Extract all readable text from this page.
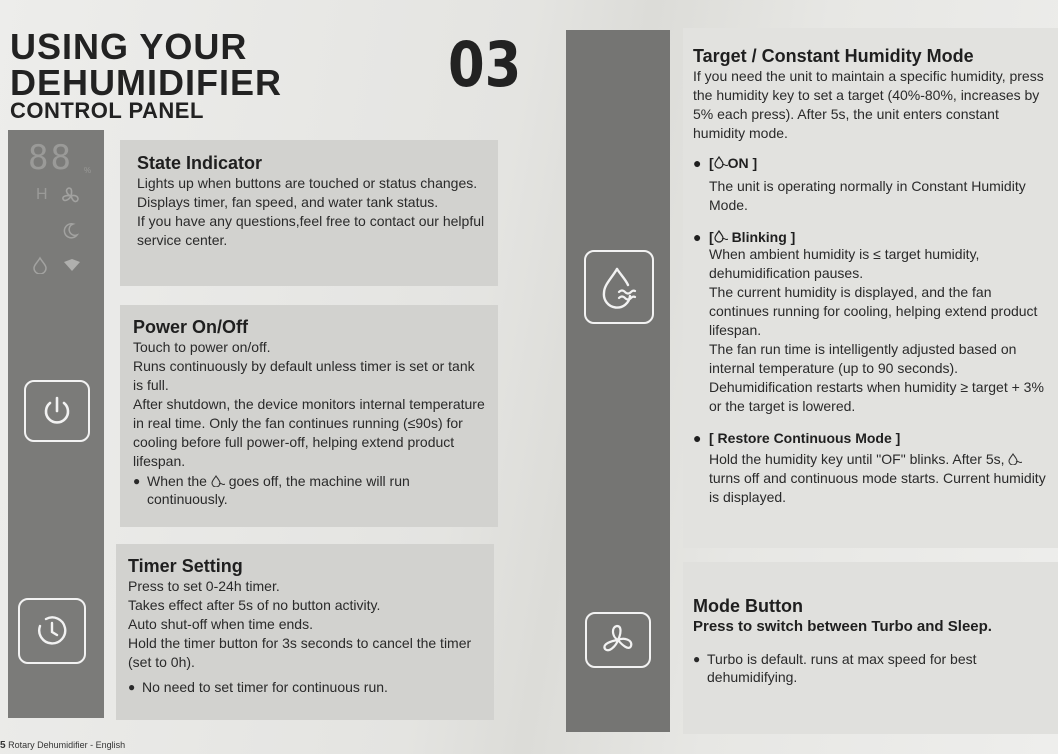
USING YOUR
DEHUMIDIFIER
CONTROL PANEL
03
88 %
H
State Indicator

Lights up when buttons are touched or status changes.

Displays timer, fan speed, and water tank status.

If you have any questions,feel free to contact our helpful service center.

Power On/Off

Touch to power on/off.

Runs continuously by default unless timer is set or tank is full.

After shutdown, the device monitors internal temperature in real time. Only the fan continues running (≤90s) for cooling before full power-off, helping extend product lifespan.

● When the goes off, the machine will run continuously.
Timer Setting

Press to set 0-24h timer.

Takes effect after 5s of no button activity.

Auto shut-off when time ends.

Hold the timer button for 3s seconds to cancel the timer (set to 0h).

● No need to set timer for continuous run.
Target / Constant Humidity Mode

If you need the unit to maintain a specific humidity, press the humidity key to set a target (40%-80%, increases by 5% each press). After 5s, the unit enters constant humidity mode.

● [ ON ]

The unit is operating normally in Constant Humidity Mode.

● [ Blinking ]

When ambient humidity is ≤ target humidity, dehumidification pauses.

The current humidity is displayed, and the fan continues running for cooling, helping extend product lifespan.

The fan run time is intelligently adjusted based on internal temperature (up to 90 seconds).

Dehumidification restarts when humidity ≥ target + 3% or the target is lowered.

● [ Restore Continuous Mode ]

Hold the humidity key until "OF" blinks. After 5s,  turns off and continuous mode starts. Current humidity is displayed.

Mode Button

Press to switch between Turbo and Sleep.

● Turbo is default. runs at max speed for best dehumidifying.
5 Rotary Dehumidifier - English
